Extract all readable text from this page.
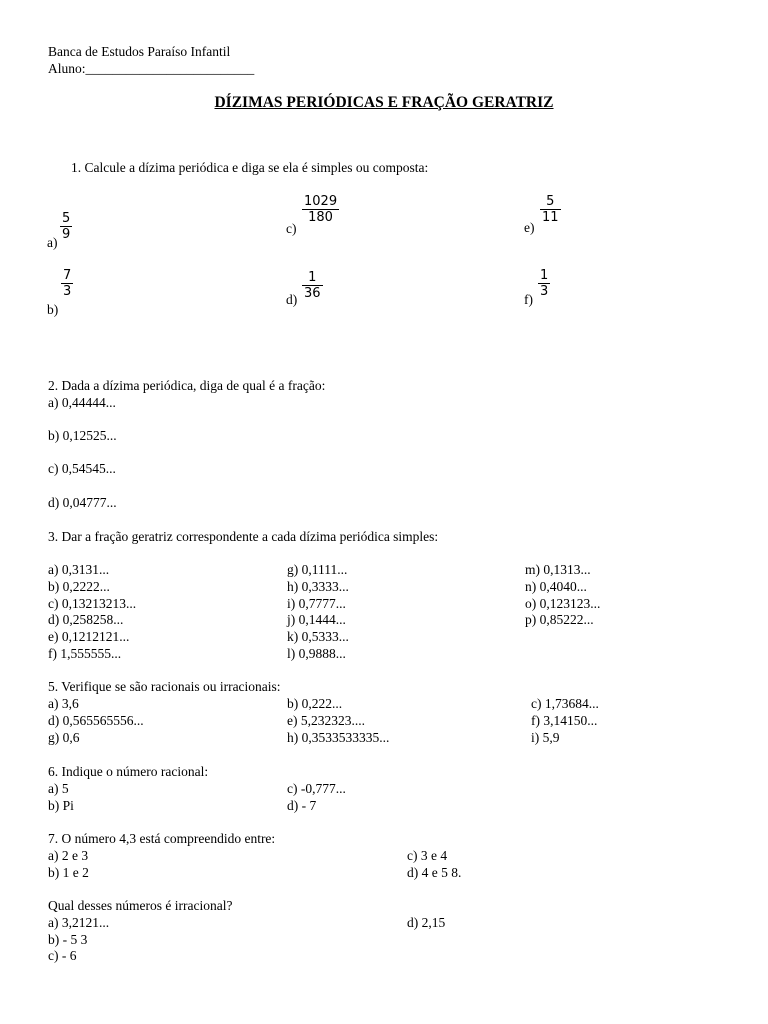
Banca de Estudos Paraíso Infantil
Aluno:_________________________
DÍZIMAS PERIÓDICAS E FRAÇÃO GERATRIZ
1. Calcule a dízima periódica e diga se ela é simples ou composta:
a)
$\frac{5}{9}$
b)
$\frac{7}{3}$
c)
$\frac{1029}{180}$
$d) \frac{1}{36}$
e)
$\frac{5}{11}$
f)
$\frac{1}{3}$
2. Dada a dízima periódica, diga de qual é a fração:
a) 0,44444...
b) 0,12525...
c) 0,54545...
d) 0,04777...
3. Dar a fração geratriz correspondente a cada dízima periódica simples:
a) 0,3131...
b) 0,2222...
c) 0,13213213...
d) 0,258258...
e) 0,1212121...
f) 1,555555...
g) 0,1111...
h) 0,3333...
i) 0,7777...
j) 0,1444...
k) 0,5333...
l) 0,9888...
m) 0,1313...
n) 0,4040...
o) 0,123123...
p) 0,85222...
5. Verifique se são racionais ou irracionais:
a) 3,6
d) 0,565565556...
g) 0,6
b) 0,222...
e) 5,232323....
h) 0,3533533335...
c) 1,73684...
f) 3,14150...
i) 5,9
6. Indique o número racional:
a) 5
b) Pi
c) -0,777...
d) - 7
7. O número 4,3 está compreendido entre:
a) 2 e 3
b) 1 e 2
c) 3 e 4
d) 4 e 5 8.
Qual desses números é irracional?
a) 3,2121...
b) - 5 3
c) - 6
d) 2,15
